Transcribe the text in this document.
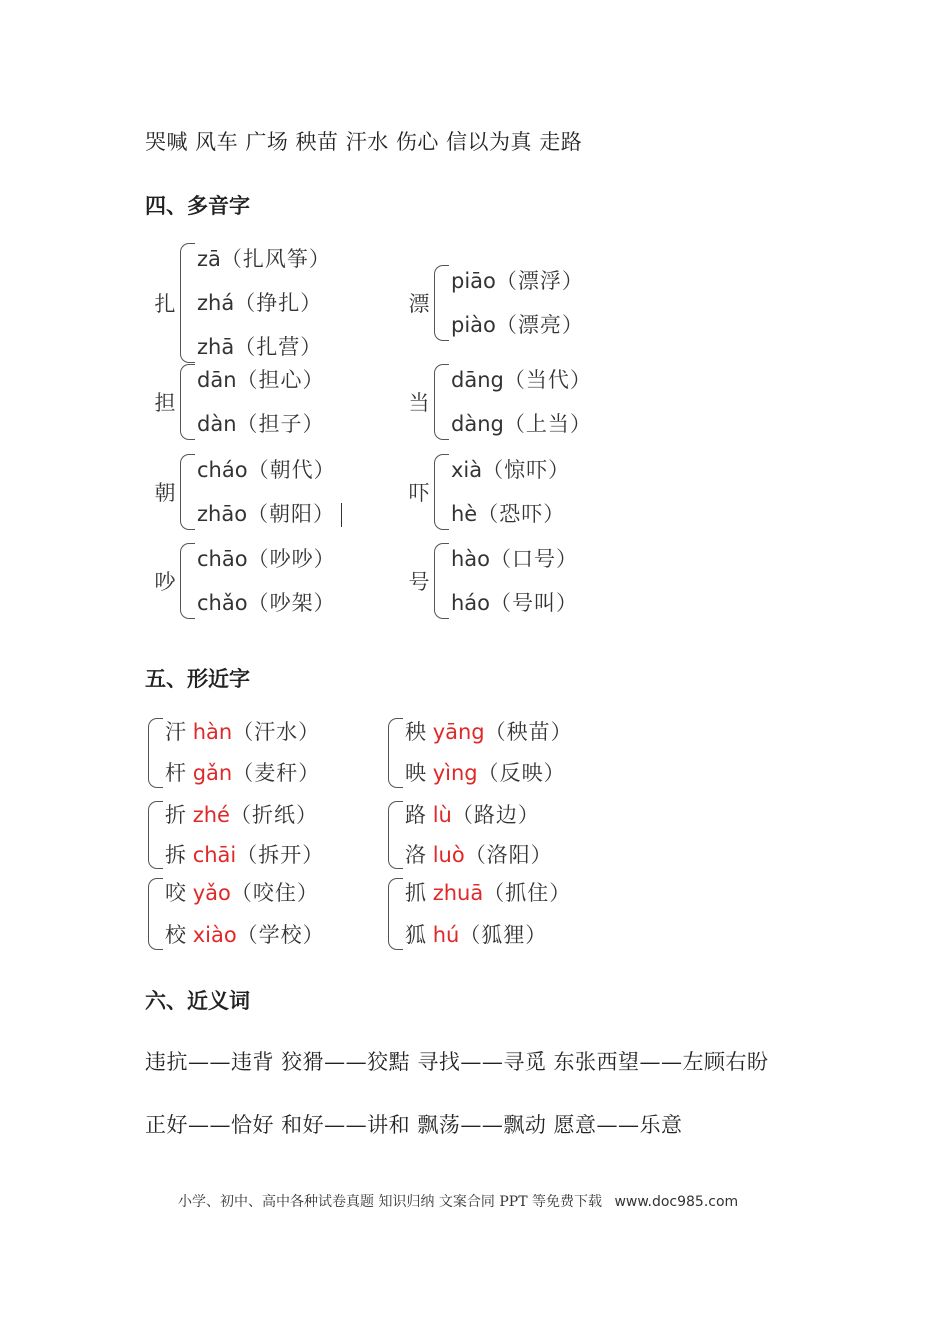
哭喊 风车 广场 秧苗 汗水 伤心 信以为真 走路
四、多音字
扎
zā（扎风筝）
zhá（挣扎）
zhā（扎营）
漂
piāo（漂浮）
piào（漂亮）
担
dān（担心）
dàn（担子）
当
dāng（当代）
dàng（上当）
朝
cháo（朝代）
zhāo（朝阳）
吓
xià（惊吓）
hè（恐吓）
吵
chāo（吵吵）
chǎo（吵架）
号
hào（口号）
háo（号叫）
五、形近字
汗 hàn（汗水）
杆 gǎn（麦秆）
秧 yāng（秧苗）
映 yìng（反映）
折 zhé（折纸）
拆 chāi（拆开）
路 lù（路边）
洛 luò（洛阳）
咬 yǎo（咬住）
校 xiào（学校）
抓 zhuā（抓住）
狐 hú（狐狸）
六、近义词
违抗——违背 狡猾——狡黠 寻找——寻觅 东张西望——左顾右盼
正好——恰好 和好——讲和 飘荡——飘动 愿意——乐意
小学、初中、高中各种试卷真题 知识归纳 文案合同 PPT 等免费下载 www.doc985.com
